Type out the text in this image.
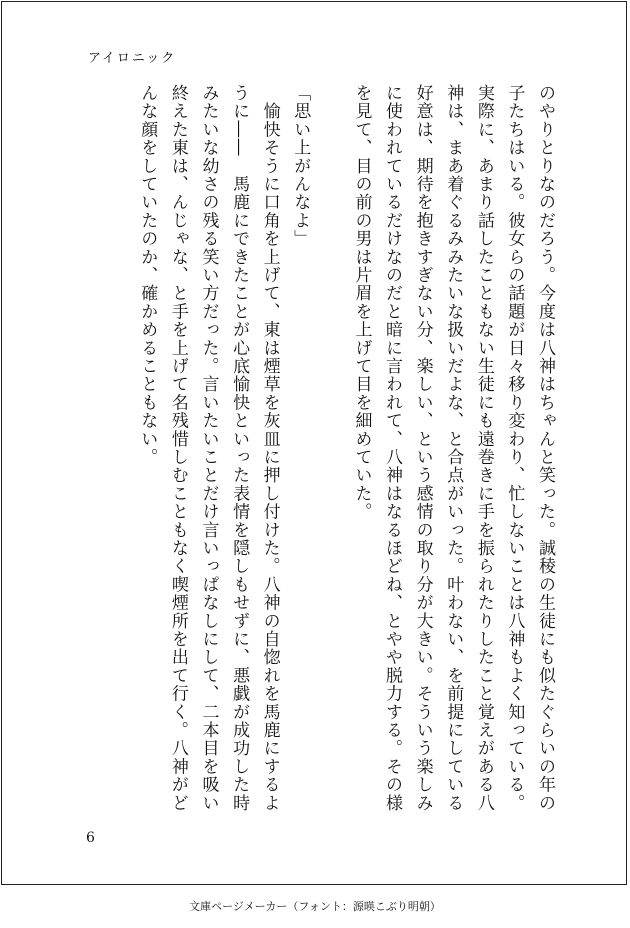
アイロニック

のやりとりなのだろう。今度は八神はちゃんと笑った。誠稜の生徒にも似たぐらいの年の子たちはいる。彼女らの話題が日々移り変わり、忙しないことは八神もよく知っている。実際に、あまり話したこともない生徒にも遠巻きに手を振られたりしたこと覚えがある八神は、まあ着ぐるみみたいな扱いだよな、と合点がいった。叶わない、を前提にしている好意は、期待を抱きすぎない分、楽しい、という感情の取り分が大きい。そういう楽しみに使われているだけなのだと暗に言われて、八神はなるほどね、とやや脱力する。その様を見て、目の前の男は片眉を上げて目を細めていた。

「思い上がんなよ」

　愉快そうに口角を上げて、東は煙草を灰皿に押し付けた。八神の自惚れを馬鹿にするように――　馬鹿にできたことが心底愉快といった表情を隠しもせずに、悪戯が成功した時みたいな幼さの残る笑い方だった。言いたいことだけ言いっぱなしにして、二本目を吸い終えた東は、んじゃな、と手を上げて名残惜しむこともなく喫煙所を出て行く。八神がどんな顔をしていたのか、確かめることもない。

6
文庫ページメーカー（フォント：源暎こぶり明朝）
